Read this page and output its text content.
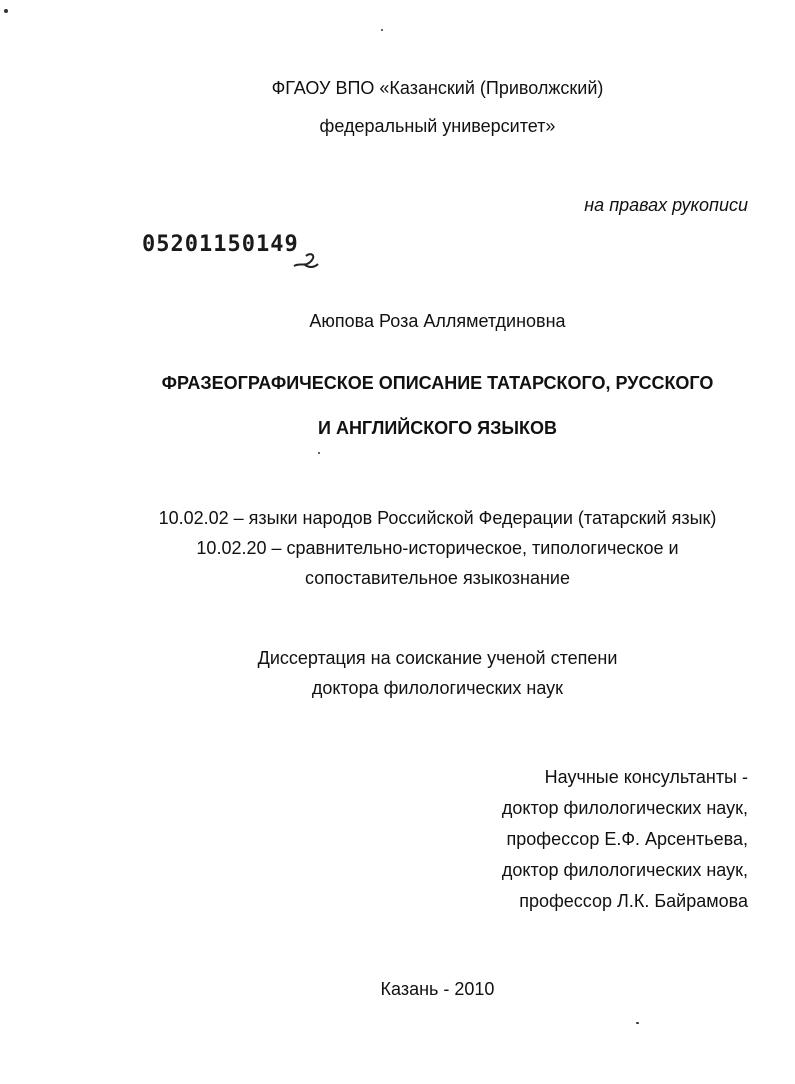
ФГАОУ ВПО «Казанский (Приволжский)
федеральный университет»
на правах рукописи
05201150149
Аюпова Роза Алляметдиновна
ФРАЗЕОГРАФИЧЕСКОЕ ОПИСАНИЕ ТАТАРСКОГО, РУССКОГО
И АНГЛИЙСКОГО ЯЗЫКОВ
10.02.02 – языки народов Российской Федерации (татарский язык)
10.02.20 – сравнительно-историческое, типологическое и
сопоставительное языкознание
Диссертация на соискание ученой степени
доктора филологических наук
Научные консультанты -
доктор филологических наук,
профессор Е.Ф. Арсентьева,
доктор филологических наук,
профессор Л.К. Байрамова
Казань - 2010
